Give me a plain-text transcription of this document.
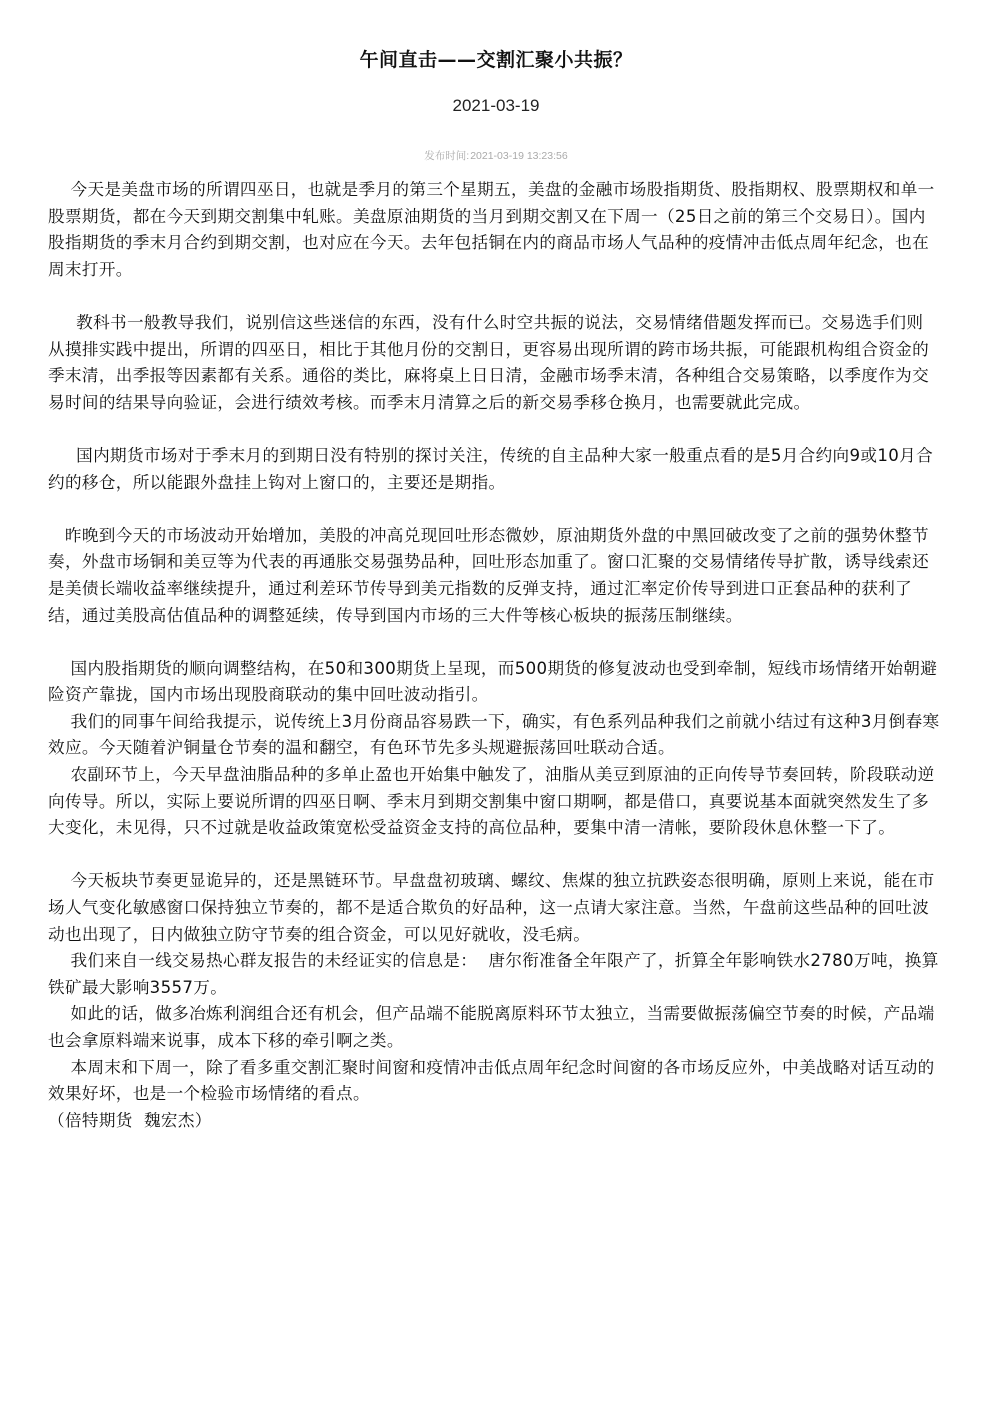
午间直击——交割汇聚小共振？
2021-03-19
发布时间:2021-03-19 13:23:56

今天是美盘市场的所谓四巫日，也就是季月的第三个星期五，美盘的金融市场股指期货、股指期权、股票期权和单一股票期货，都在今天到期交割集中轧账。美盘原油期货的当月到期交割又在下周一（25日之前的第三个交易日）。国内股指期货的季末月合约到期交割，也对应在今天。去年包括铜在内的商品市场人气品种的疫情冲击低点周年纪念，也在周末打开。

教科书一般教导我们，说别信这些迷信的东西，没有什么时空共振的说法，交易情绪借题发挥而已。交易选手们则从摸排实践中提出，所谓的四巫日，相比于其他月份的交割日，更容易出现所谓的跨市场共振，可能跟机构组合资金的季末清，出季报等因素都有关系。通俗的类比，麻将桌上日日清，金融市场季末清，各种组合交易策略，以季度作为交易时间的结果导向验证，会进行绩效考核。而季末月清算之后的新交易季移仓换月，也需要就此完成。

国内期货市场对于季末月的到期日没有特别的探讨关注，传统的自主品种大家一般重点看的是5月合约向9或10月合约的移仓，所以能跟外盘挂上钩对上窗口的，主要还是期指。

昨晚到今天的市场波动开始增加，美股的冲高兑现回吐形态微妙，原油期货外盘的中黑回破改变了之前的强势休整节奏，外盘市场铜和美豆等为代表的再通胀交易强势品种，回吐形态加重了。窗口汇聚的交易情绪传导扩散，诱导线索还是美债长端收益率继续提升，通过利差环节传导到美元指数的反弹支持，通过汇率定价传导到进口正套品种的获利了结，通过美股高估值品种的调整延续，传导到国内市场的三大件等核心板块的振荡压制继续。

国内股指期货的顺向调整结构，在50和300期货上呈现，而500期货的修复波动也受到牵制，短线市场情绪开始朝避险资产靠拢，国内市场出现股商联动的集中回吐波动指引。

我们的同事午间给我提示，说传统上3月份商品容易跌一下，确实，有色系列品种我们之前就小结过有这种3月倒春寒效应。今天随着沪铜量仓节奏的温和翻空，有色环节先多头规避振荡回吐联动合适。

农副环节上，今天早盘油脂品种的多单止盈也开始集中触发了，油脂从美豆到原油的正向传导节奏回转，阶段联动逆向传导。所以，实际上要说所谓的四巫日啊、季末月到期交割集中窗口期啊，都是借口，真要说基本面就突然发生了多大变化，未见得，只不过就是收益政策宽松受益资金支持的高位品种，要集中清一清帐，要阶段休息休整一下了。

今天板块节奏更显诡异的，还是黑链环节。早盘盘初玻璃、螺纹、焦煤的独立抗跌姿态很明确，原则上来说，能在市场人气变化敏感窗口保持独立节奏的，都不是适合欺负的好品种，这一点请大家注意。当然，午盘前这些品种的回吐波动也出现了，日内做独立防守节奏的组合资金，可以见好就收，没毛病。

我们来自一线交易热心群友报告的未经证实的信息是：  唐尔衔准备全年限产了，折算全年影响铁水2780万吨，换算铁矿最大影响3557万。

如此的话，做多冶炼利润组合还有机会，但产品端不能脱离原料环节太独立，当需要做振荡偏空节奏的时候，产品端也会拿原料端来说事，成本下移的牵引啊之类。

本周末和下周一，除了看多重交割汇聚时间窗和疫情冲击低点周年纪念时间窗的各市场反应外，中美战略对话互动的效果好坏，也是一个检验市场情绪的看点。

（倍特期货  魏宏杰）
